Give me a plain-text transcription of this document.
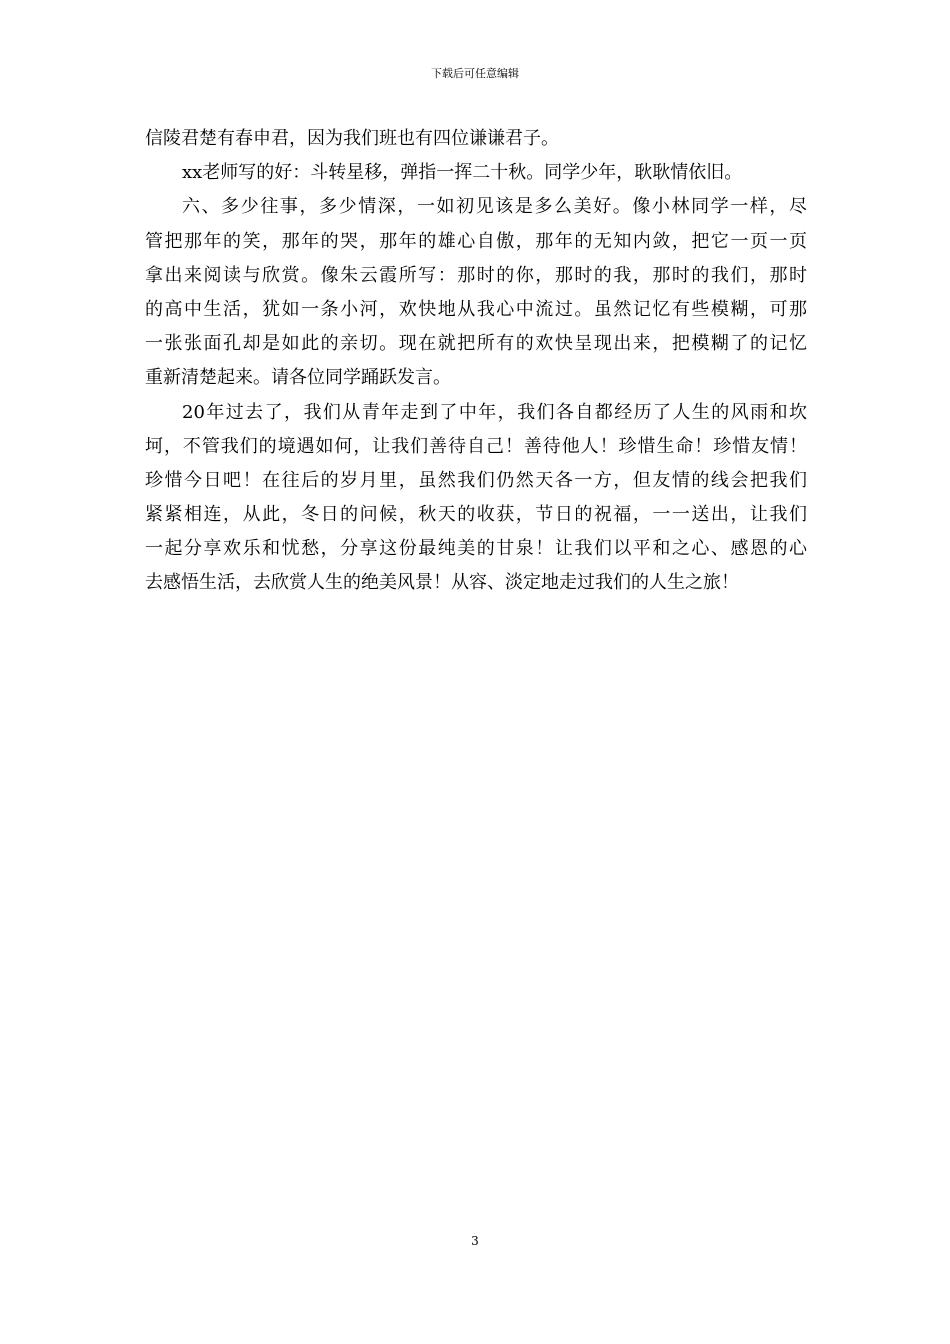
下载后可任意编辑
信陵君楚有春申君，因为我们班也有四位谦谦君子。
xx老师写的好：斗转星移，弹指一挥二十秋。同学少年，耿耿情依旧。
六、多少往事，多少情深，一如初见该是多么美好。像小林同学一样，尽
管把那年的笑，那年的哭，那年的雄心自傲，那年的无知内敛，把它一页一页
拿出来阅读与欣赏。像朱云霞所写：那时的你，那时的我，那时的我们，那时
的高中生活，犹如一条小河，欢快地从我心中流过。虽然记忆有些模糊，可那
一张张面孔却是如此的亲切。现在就把所有的欢快呈现出来，把模糊了的记忆
重新清楚起来。请各位同学踊跃发言。
20年过去了，我们从青年走到了中年，我们各自都经历了人生的风雨和坎
坷，不管我们的境遇如何，让我们善待自己！善待他人！珍惜生命！珍惜友情！
珍惜今日吧！在往后的岁月里，虽然我们仍然天各一方，但友情的线会把我们
紧紧相连，从此，冬日的问候，秋天的收获，节日的祝福，一一送出，让我们
一起分享欢乐和忧愁，分享这份最纯美的甘泉！让我们以平和之心、感恩的心
去感悟生活，去欣赏人生的绝美风景！从容、淡定地走过我们的人生之旅！
3
